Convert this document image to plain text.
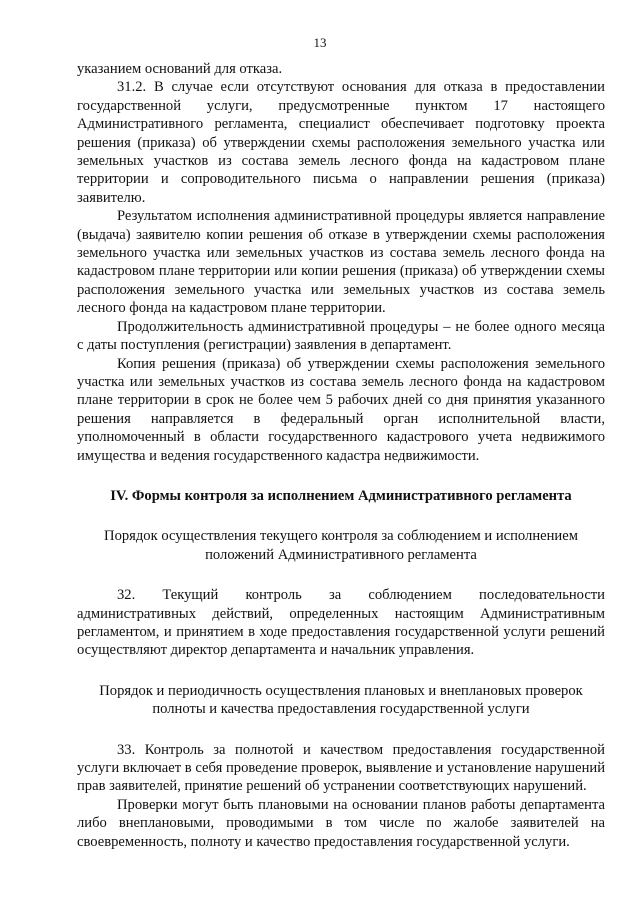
13

указанием оснований для отказа.

31.2. В случае если отсутствуют основания для отказа в предоставлении государственной услуги, предусмотренные пунктом 17 настоящего Административного регламента, специалист обеспечивает подготовку проекта решения (приказа) об утверждении схемы расположения земельного участка или земельных участков из состава земель лесного фонда на кадастровом плане территории и сопроводительного письма о направлении решения (приказа) заявителю.

Результатом исполнения административной процедуры является направление (выдача) заявителю копии решения об отказе в утверждении схемы расположения земельного участка или земельных участков из состава земель лесного фонда на кадастровом плане территории или копии решения (приказа) об утверждении схемы расположения земельного участка или земельных участков из состава земель лесного фонда на кадастровом плане территории.

Продолжительность административной процедуры – не более одного месяца с даты поступления (регистрации) заявления в департамент.

Копия решения (приказа) об утверждении схемы расположения земельного участка или земельных участков из состава земель лесного фонда на кадастровом плане территории в срок не более чем 5 рабочих дней со дня принятия указанного решения направляется в федеральный орган исполнительной власти, уполномоченный в области государственного кадастрового учета недвижимого имущества и ведения государственного кадастра недвижимости.

IV. Формы контроля за исполнением Административного регламента

Порядок осуществления текущего контроля за соблюдением и исполнением положений Административного регламента

32. Текущий контроль за соблюдением последовательности административных действий, определенных настоящим Административным регламентом, и принятием в ходе предоставления государственной услуги решений осуществляют директор департамента и начальник управления.

Порядок и периодичность осуществления плановых и внеплановых проверок полноты и качества предоставления государственной услуги

33. Контроль за полнотой и качеством предоставления государственной услуги включает в себя проведение проверок, выявление и установление нарушений прав заявителей, принятие решений об устранении соответствующих нарушений.

Проверки могут быть плановыми на основании планов работы департамента либо внеплановыми, проводимыми в том числе по жалобе заявителей на своевременность, полноту и качество предоставления государственной услуги.
